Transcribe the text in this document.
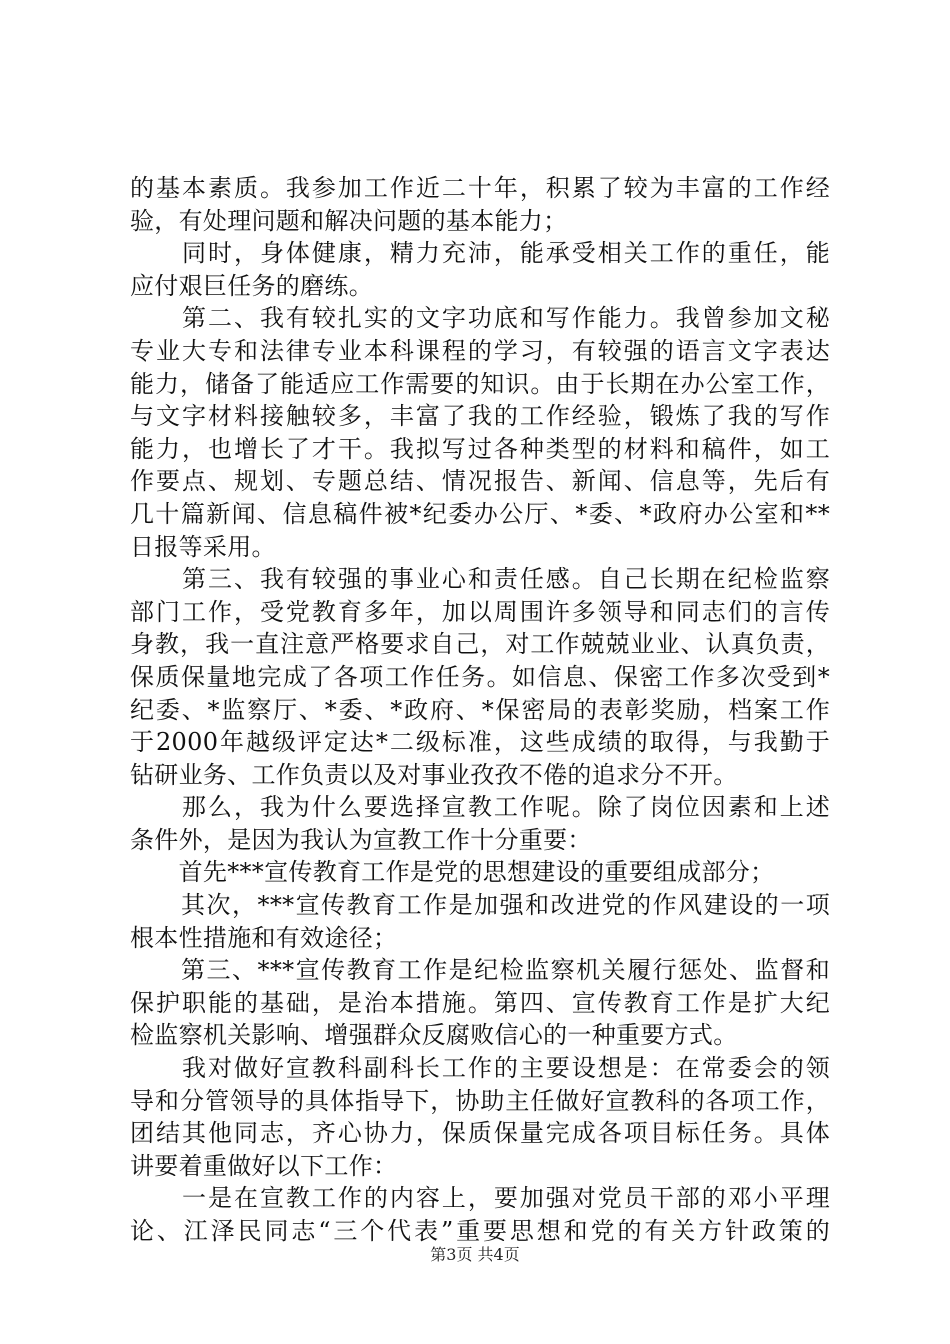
的基本素质。我参加工作近二十年，积累了较为丰富的工作经
验，有处理问题和解决问题的基本能力；
　　同时，身体健康，精力充沛，能承受相关工作的重任，能
应付艰巨任务的磨练。
　　第二、我有较扎实的文字功底和写作能力。我曾参加文秘
专业大专和法律专业本科课程的学习，有较强的语言文字表达
能力，储备了能适应工作需要的知识。由于长期在办公室工作，
与文字材料接触较多，丰富了我的工作经验，锻炼了我的写作
能力，也增长了才干。我拟写过各种类型的材料和稿件，如工
作要点、规划、专题总结、情况报告、新闻、信息等，先后有
几十篇新闻、信息稿件被*纪委办公厅、*委、*政府办公室和**
日报等采用。
　　第三、我有较强的事业心和责任感。自己长期在纪检监察
部门工作，受党教育多年，加以周围许多领导和同志们的言传
身教，我一直注意严格要求自己，对工作兢兢业业、认真负责，
保质保量地完成了各项工作任务。如信息、保密工作多次受到*
纪委、*监察厅、*委、*政府、*保密局的表彰奖励，档案工作
于2000年越级评定达*二级标准，这些成绩的取得，与我勤于
钻研业务、工作负责以及对事业孜孜不倦的追求分不开。
　　那么，我为什么要选择宣教工作呢。除了岗位因素和上述
条件外，是因为我认为宣教工作十分重要：
　　首先***宣传教育工作是党的思想建设的重要组成部分；
　　其次，***宣传教育工作是加强和改进党的作风建设的一项
根本性措施和有效途径；
　　第三、***宣传教育工作是纪检监察机关履行惩处、监督和
保护职能的基础，是治本措施。第四、宣传教育工作是扩大纪
检监察机关影响、增强群众反腐败信心的一种重要方式。
　　我对做好宣教科副科长工作的主要设想是：在常委会的领
导和分管领导的具体指导下，协助主任做好宣教科的各项工作，
团结其他同志，齐心协力，保质保量完成各项目标任务。具体
讲要着重做好以下工作：
　　一是在宣教工作的内容上，要加强对党员干部的邓小平理
论、江泽民同志“三个代表”重要思想和党的有关方针政策的
第3页 共4页
